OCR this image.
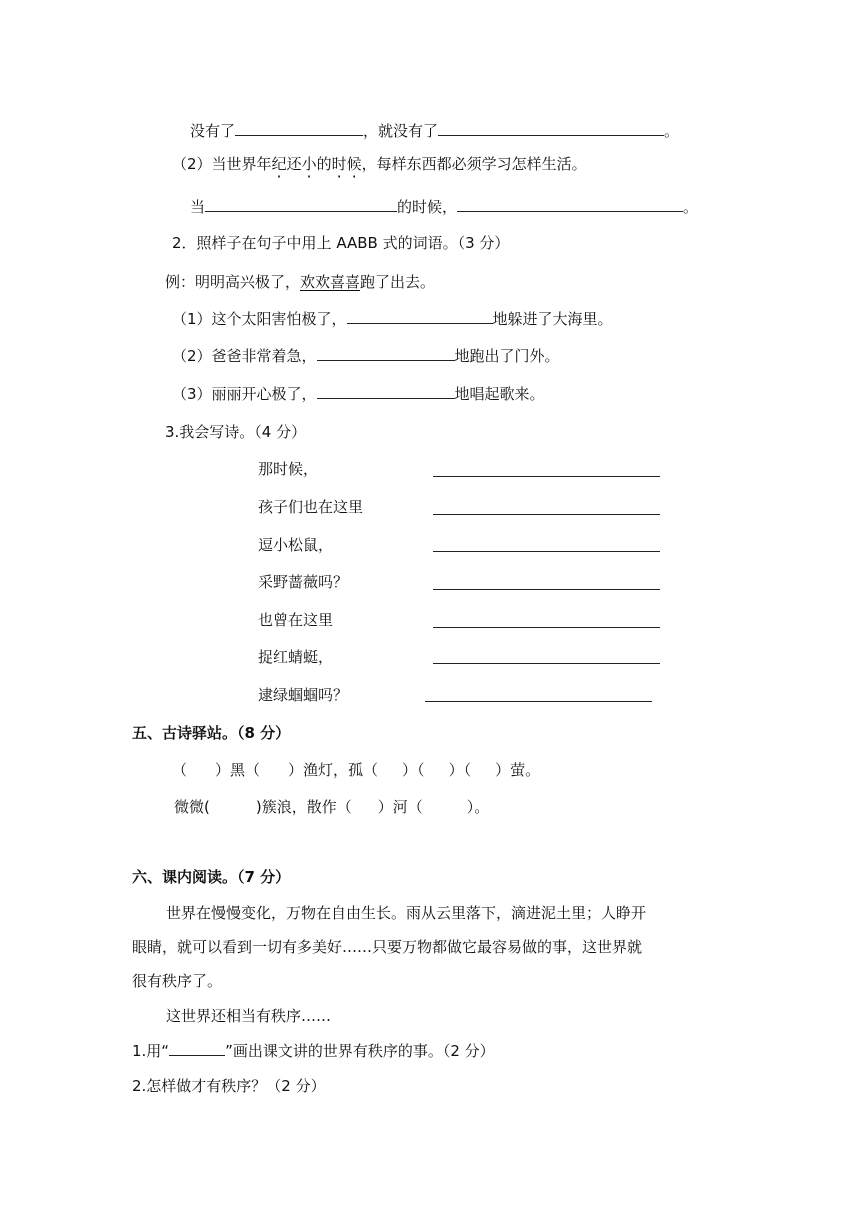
没有了	，就没有了	。
（2）当世界年纪还小的时候，每样东西都必须学习怎样生活。
当	的时候，	。
2．照样子在句子中用上 AABB 式的词语。（3 分）
例：明明高兴极了，欢欢喜喜跑了出去。
（1）这个太阳害怕极了，	地躲进了大海里。
（2）爸爸非常着急，	地跑出了门外。
（3）丽丽开心极了，	地唱起歌来。
3.我会写诗。（4 分）
那时候，
孩子们也在这里
逗小松鼠，
采野蔷薇吗？
也曾在这里
捉红蜻蜓，
逮绿蝈蝈吗？
五、古诗驿站。（8 分）
（ ）黑（ ）渔灯，孤（ ）（ ）（ ）萤。
微微(	)簇浪，散作（ ）河（	）。
六、课内阅读。（7 分）
世界在慢慢变化，万物在自由生长。雨从云里落下，滴进泥土里；人睁开
眼睛，就可以看到一切有多美好……只要万物都做它最容易做的事，这世界就
很有秩序了。
这世界还相当有秩序……
1.用“	”画出课文讲的世界有秩序的事。（2 分）
2.怎样做才有秩序？（2 分）
